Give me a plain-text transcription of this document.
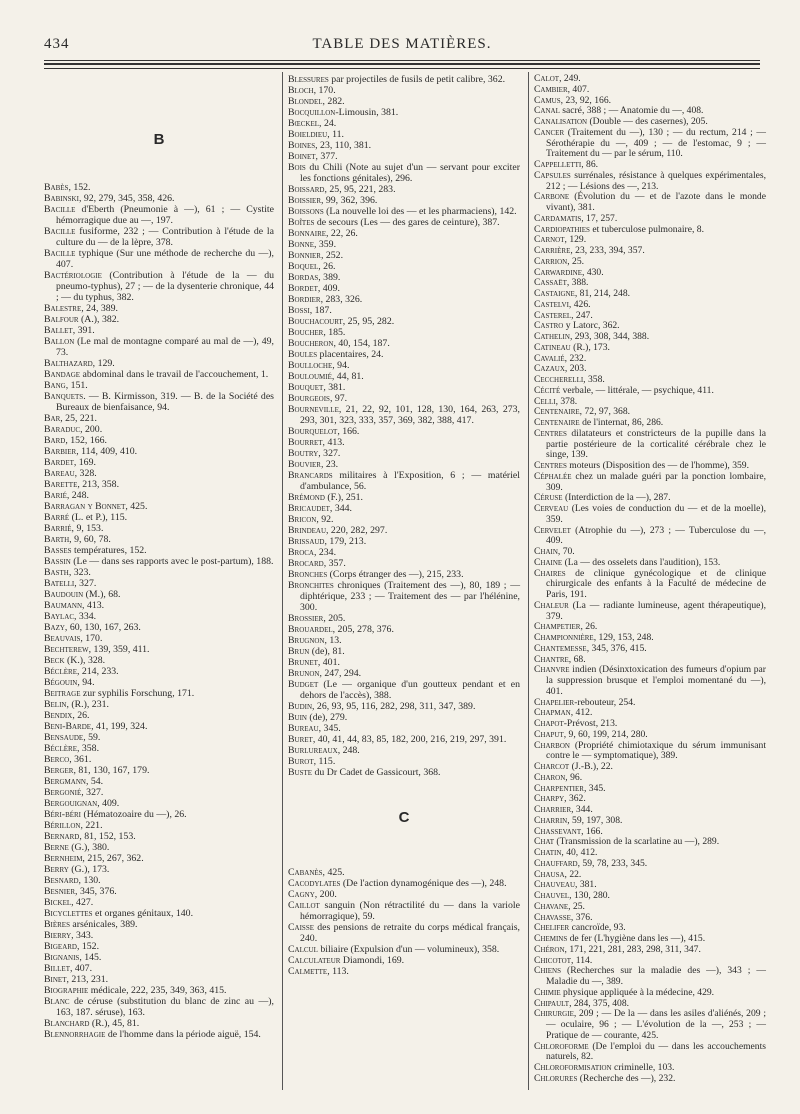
434	TABLE DES MATIÈRES.
B

Babès, 152.

Babinski, 92, 279, 345, 358, 426.

Bacille d'Eberth (Pneumonie à —), 61 ; — Cystite hémorragique due au —, 197.

Bacille fusiforme, 232 ; — Contribution à l'étude de la culture du — de la lèpre, 378.

Bacille typhique (Sur une méthode de recherche du —), 407.

Bactériologie (Contribution à l'étude de la — du pneumo-typhus), 27 ; — de la dysenterie chronique, 44 ; — du typhus, 382.

Balestre, 24, 389.

Balfour (A.), 382.

Ballet, 391.

Ballon (Le mal de montagne comparé au mal de —), 49, 73.

Balthazard, 129.

Bandage abdominal dans le travail de l'accouchement, 1.

Bang, 151.

Banquets. — B. Kirmisson, 319. — B. de la Société des Bureaux de bienfaisance, 94.

Bar, 25, 221.

Baraduc, 200.

Bard, 152, 166.

Barbier, 114, 409, 410.

Bardet, 169.

Bareau, 328.

Barette, 213, 358.

Barié, 248.

Barragan y Bonnet, 425.

Barré (L. et P.), 115.

Barrié, 9, 153.

Barth, 9, 60, 78.

Basses températures, 152.

Bassin (Le — dans ses rapports avec le post-partum), 188.

Basth, 323.

Batelli, 327.

Baudouin (M.), 68.

Baumann, 413.

Baylac, 334.

Bazy, 60, 130, 167, 263.

Beauvais, 170.

Bechterew, 139, 359, 411.

Beck (K.), 328.

Béclère, 214, 233.

Bégouin, 94.

Beitrage zur syphilis Forschung, 171.

Belin, (R.), 231.

Bendix, 26.

Beni-Barde, 41, 199, 324.

Bensaude, 59.

Béclère, 358.

Berco, 361.

Berger, 81, 130, 167, 179.

Bergmann, 54.

Bergonié, 327.

Bergouignan, 409.

Béri-béri (Hématozoaire du —), 26.

Bérillon, 221.

Bernard, 81, 152, 153.

Berne (G.), 380.

Bernheim, 215, 267, 362.

Berry (G.), 173.

Besnard, 130.

Besnier, 345, 376.

Bickel, 427.

Bicyclettes et organes génitaux, 140.

Bières arsénicales, 389.

Bierry, 343.

Bigeard, 152.

Bignanis, 145.

Billet, 407.

Binet, 213, 231.

Biographie médicale, 222, 235, 349, 363, 415.

Blanc de céruse (substitution du blanc de zinc au —), 163, 187. séruse), 163.

Blanchard (R.), 45, 81.

Blennorrhagie de l'homme dans la période aiguë, 154.

Blessures par projectiles de fusils de petit calibre, 362.

Bloch, 170.

Blondel, 282.

Bocquillon-Limousin, 381.

Bœckel, 24.

Boieldieu, 11.

Boines, 23, 110, 381.

Boinet, 377.

Bois du Chili (Note au sujet d'un — servant pour exciter les fonctions génitales), 296.

Boissard, 25, 95, 221, 283.

Boissier, 99, 362, 396.

Boissons (La nouvelle loi des — et les pharmaciens), 142.

Boîtes de secours (Les — des gares de ceinture), 387.

Bonnaire, 22, 26.

Bonne, 359.

Bonnier, 252.

Boquel, 26.

Bordas, 389.

Bordet, 409.

Bordier, 283, 326.

Bossi, 187.

Bouchacourt, 25, 95, 282.

Boucher, 185.

Boucheron, 40, 154, 187.

Boules placentaires, 24.

Boulloche, 94.

Bouloumié, 44, 81.

Bouquet, 381.

Bourgeois, 97.

Bourneville, 21, 22, 92, 101, 128, 130, 164, 263, 273, 293, 301, 323, 333, 357, 369, 382, 388, 417.

Bourquelot, 166.

Bourret, 413.

Boutry, 327.

Bouvier, 23.

Brancards militaires à l'Exposition, 6 ; — matériel d'ambulance, 56.

Brémond (F.), 251.

Bricaudet, 344.

Bricon, 92.

Brindeau, 220, 282, 297.

Brissaud, 179, 213.

Broca, 234.

Brocard, 357.

Bronches (Corps étranger des —), 215, 233.

Bronchites chroniques (Traitement des —), 80, 189 ; — diphtérique, 233 ; — Traitement des — par l'hélénine, 300.

Brossier, 205.

Brouardel, 205, 278, 376.

Brugnon, 13.

Brun (de), 81.

Brunet, 401.

Brunon, 247, 294.

Budget (Le — organique d'un goutteux pendant et en dehors de l'accès), 388.

Budin, 26, 93, 95, 116, 282, 298, 311, 347, 389.

Buin (de), 279.

Bureau, 345.

Buret, 40, 41, 44, 83, 85, 182, 200, 216, 219, 297, 391.

Burlureaux, 248.

Burot, 115.

Buste du Dr Cadet de Gassicourt, 368.

C

Cabanès, 425.

Cacodylates (De l'action dynamogénique des —), 248.

Cagny, 200.

Caillot sanguin (Non rétractilité du — dans la variole hémorragique), 59.

Caisse des pensions de retraite du corps médical français, 240.

Calcul biliaire (Expulsion d'un — volumineux), 358.

Calculateur Diamondi, 169.

Calmette, 113.

Calot, 249.

Cambier, 407.

Camus, 23, 92, 166.

Canal sacré, 388 ; — Anatomie du —, 408.

Canalisation (Double — des casernes), 205.

Cancer (Traitement du —), 130 ; — du rectum, 214 ; — Sérothérapie du —, 409 ; — de l'estomac, 9 ; — Traitement du — par le sérum, 110.

Cappelletti, 86.

Capsules surrénales, résistance à quelques expérimentales, 212 ; — Lésions des —, 213.

Carbone (Évolution du — et de l'azote dans le monde vivant), 381.

Cardamatis, 17, 257.

Cardiopathies et tuberculose pulmonaire, 8.

Carnot, 129.

Carrière, 23, 233, 394, 357.

Carrion, 25.

Carwardine, 430.

Cassaët, 388.

Castaigne, 81, 214, 248.

Castelvi, 426.

Casterel, 247.

Castro y Latorc, 362.

Cathelin, 293, 308, 344, 388.

Catineau (R.), 173.

Cavalié, 232.

Cazaux, 203.

Ceccherelli, 358.

Cécité verbale, — littérale, — psychique, 411.

Celli, 378.

Centenaire, 72, 97, 368.

Centenaire de l'internat, 86, 286.

Centres dilatateurs et constricteurs de la pupille dans la partie postérieure de la corticalité cérébrale chez le singe, 139.

Centres moteurs (Disposition des — de l'homme), 359.

Céphalée chez un malade guéri par la ponction lombaire, 309.

Céruse (Interdiction de la —), 287.

Cerveau (Les voies de conduction du — et de la moelle), 359.

Cervelet (Atrophie du —), 273 ; — Tuberculose du —, 409.

Chain, 70.

Chaine (La — des osselets dans l'audition), 153.

Chaires de clinique gynécologique et de clinique chirurgicale des enfants à la Faculté de médecine de Paris, 191.

Chaleur (La — radiante lumineuse, agent thérapeutique), 379.

Champetier, 26.

Championnière, 129, 153, 248.

Chantemesse, 345, 376, 415.

Chantre, 68.

Chanvre indien (Désinxtoxication des fumeurs d'opium par la suppression brusque et l'emploi momentané du —), 401.

Chapelier-rebouteur, 254.

Chapman, 412.

Chapot-Prévost, 213.

Chaput, 9, 60, 199, 214, 280.

Charbon (Propriété chimiotaxique du sérum immunisant contre le — symptomatique), 389.

Charcot (J.-B.), 22.

Charon, 96.

Charpentier, 345.

Charpy, 362.

Charrier, 344.

Charrin, 59, 197, 308.

Chassevant, 166.

Chat (Transmission de la scarlatine au —), 289.

Chatin, 40, 412.

Chauffard, 59, 78, 233, 345.

Chausa, 22.

Chauveau, 381.

Chauvel, 130, 280.

Chavane, 25.

Chavasse, 376.

Chelifer cancroïde, 93.

Chemins de fer (L'hygiène dans les —), 415.

Chéron, 171, 221, 281, 283, 298, 311, 347.

Chicotot, 114.

Chiens (Recherches sur la maladie des —), 343 ; — Maladie du —, 389.

Chimie physique appliquée à la médecine, 429.

Chipault, 284, 375, 408.

Chirurgie, 209 ; — De la — dans les asiles d'aliénés, 209 ; — oculaire, 96 ; — L'évolution de la —, 253 ; — Pratique de — courante, 425.

Chloroforme (De l'emploi du — dans les accouchements naturels, 82.

Chloroformisation criminelle, 103.

Chlorures (Recherche des —), 232.
